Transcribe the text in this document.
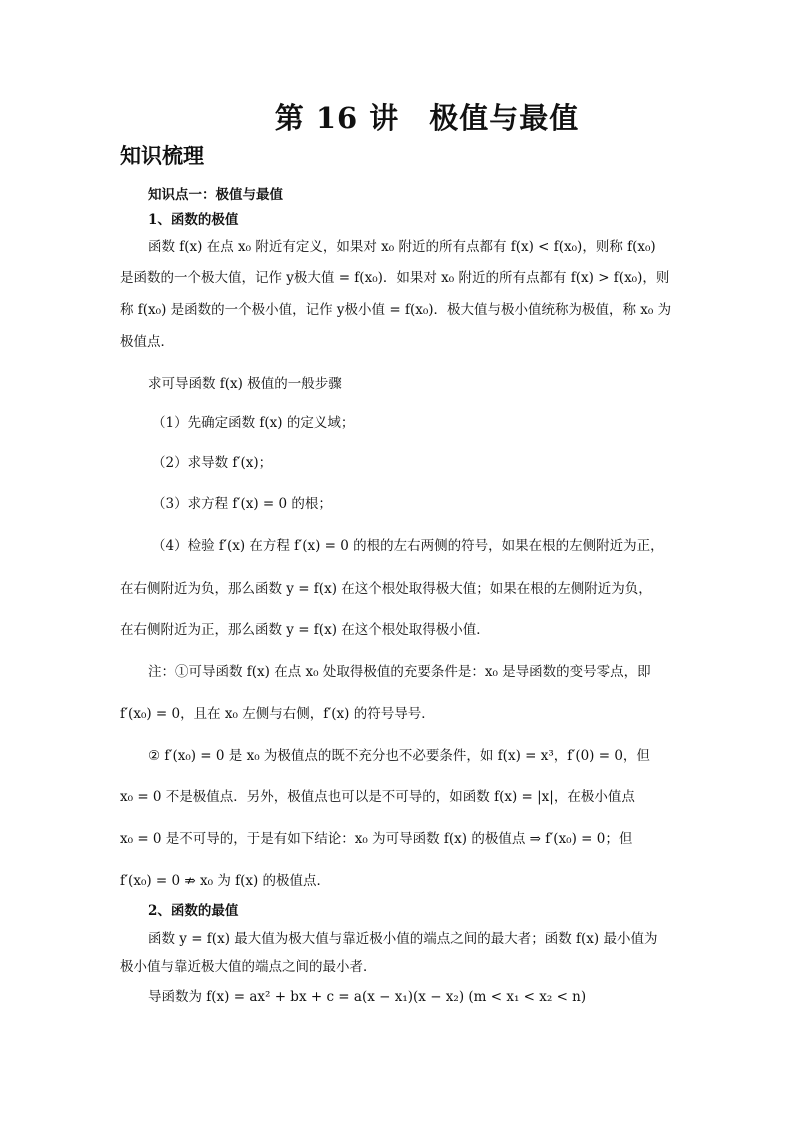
第 16 讲　极值与最值
知识梳理
知识点一：极值与最值
1、函数的极值
函数 f(x) 在点 x₀ 附近有定义，如果对 x₀ 附近的所有点都有 f(x) < f(x₀)，则称 f(x₀)
是函数的一个极大值，记作 y极大值 = f(x₀)．如果对 x₀ 附近的所有点都有 f(x) > f(x₀)，则
称 f(x₀) 是函数的一个极小值，记作 y极小值 = f(x₀)．极大值与极小值统称为极值，称 x₀ 为
极值点．
求可导函数 f(x) 极值的一般步骤
（1）先确定函数 f(x) 的定义域；
（2）求导数 f′(x)；
（3）求方程 f′(x) = 0 的根；
（4）检验 f′(x) 在方程 f′(x) = 0 的根的左右两侧的符号，如果在根的左侧附近为正，
在右侧附近为负，那么函数 y = f(x) 在这个根处取得极大值；如果在根的左侧附近为负，
在右侧附近为正，那么函数 y = f(x) 在这个根处取得极小值．
注：①可导函数 f(x) 在点 x₀ 处取得极值的充要条件是：x₀ 是导函数的变号零点，即
f′(x₀) = 0，且在 x₀ 左侧与右侧，f′(x) 的符号导号．
② f′(x₀) = 0 是 x₀ 为极值点的既不充分也不必要条件，如 f(x) = x³，f′(0) = 0，但
x₀ = 0 不是极值点．另外，极值点也可以是不可导的，如函数 f(x) = |x|，在极小值点
x₀ = 0 是不可导的，于是有如下结论：x₀ 为可导函数 f(x) 的极值点 ⇒ f′(x₀) = 0；但
f′(x₀) = 0 ⇏ x₀ 为 f(x) 的极值点．
2、函数的最值
函数 y = f(x) 最大值为极大值与靠近极小值的端点之间的最大者；函数 f(x) 最小值为
极小值与靠近极大值的端点之间的最小者．
导函数为 f(x) = ax² + bx + c = a(x − x₁)(x − x₂) (m < x₁ < x₂ < n)
